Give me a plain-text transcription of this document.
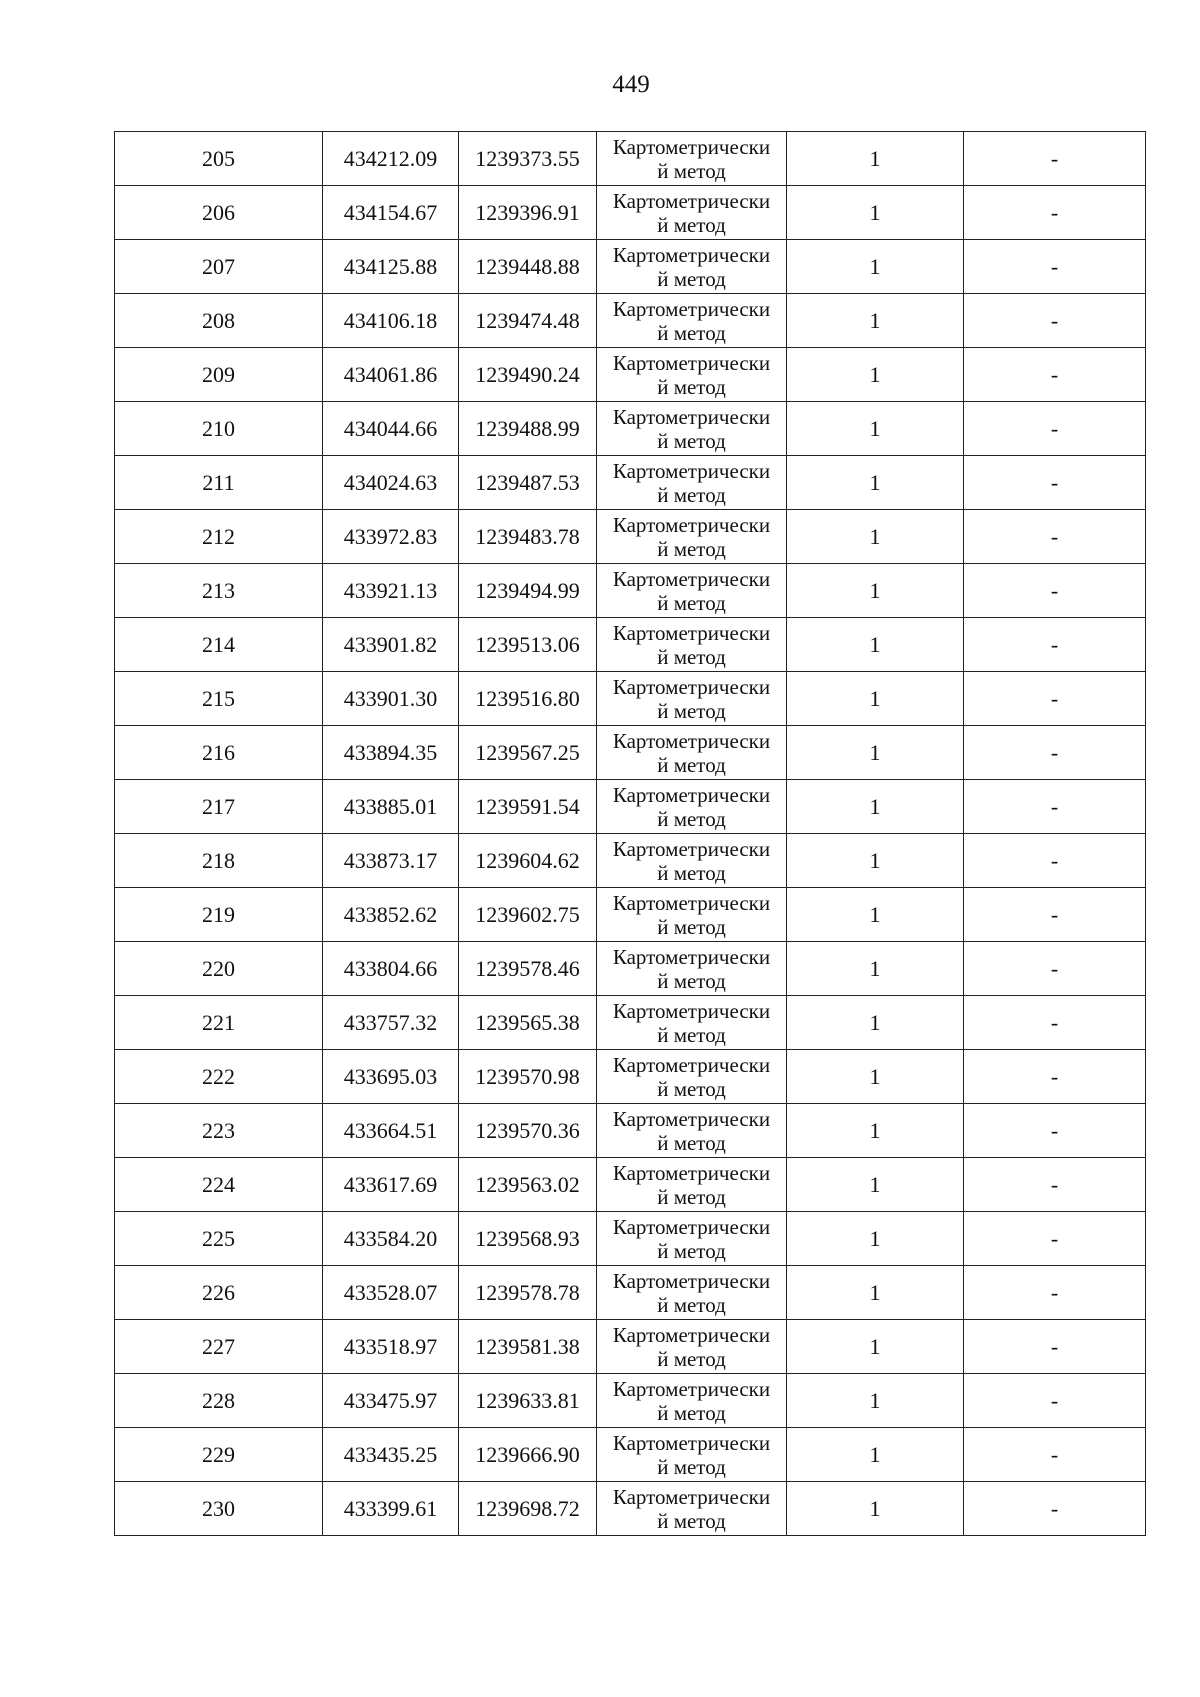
449
205	434212.09	1239373.55	Картометрически
й метод	1	-
206	434154.67	1239396.91	Картометрически
й метод	1	-
207	434125.88	1239448.88	Картометрически
й метод	1	-
208	434106.18	1239474.48	Картометрически
й метод	1	-
209	434061.86	1239490.24	Картометрически
й метод	1	-
210	434044.66	1239488.99	Картометрически
й метод	1	-
211	434024.63	1239487.53	Картометрически
й метод	1	-
212	433972.83	1239483.78	Картометрически
й метод	1	-
213	433921.13	1239494.99	Картометрически
й метод	1	-
214	433901.82	1239513.06	Картометрически
й метод	1	-
215	433901.30	1239516.80	Картометрически
й метод	1	-
216	433894.35	1239567.25	Картометрически
й метод	1	-
217	433885.01	1239591.54	Картометрически
й метод	1	-
218	433873.17	1239604.62	Картометрически
й метод	1	-
219	433852.62	1239602.75	Картометрически
й метод	1	-
220	433804.66	1239578.46	Картометрически
й метод	1	-
221	433757.32	1239565.38	Картометрически
й метод	1	-
222	433695.03	1239570.98	Картометрически
й метод	1	-
223	433664.51	1239570.36	Картометрически
й метод	1	-
224	433617.69	1239563.02	Картометрически
й метод	1	-
225	433584.20	1239568.93	Картометрически
й метод	1	-
226	433528.07	1239578.78	Картометрически
й метод	1	-
227	433518.97	1239581.38	Картометрически
й метод	1	-
228	433475.97	1239633.81	Картометрически
й метод	1	-
229	433435.25	1239666.90	Картометрически
й метод	1	-
230	433399.61	1239698.72	Картометрически
й метод	1	-
